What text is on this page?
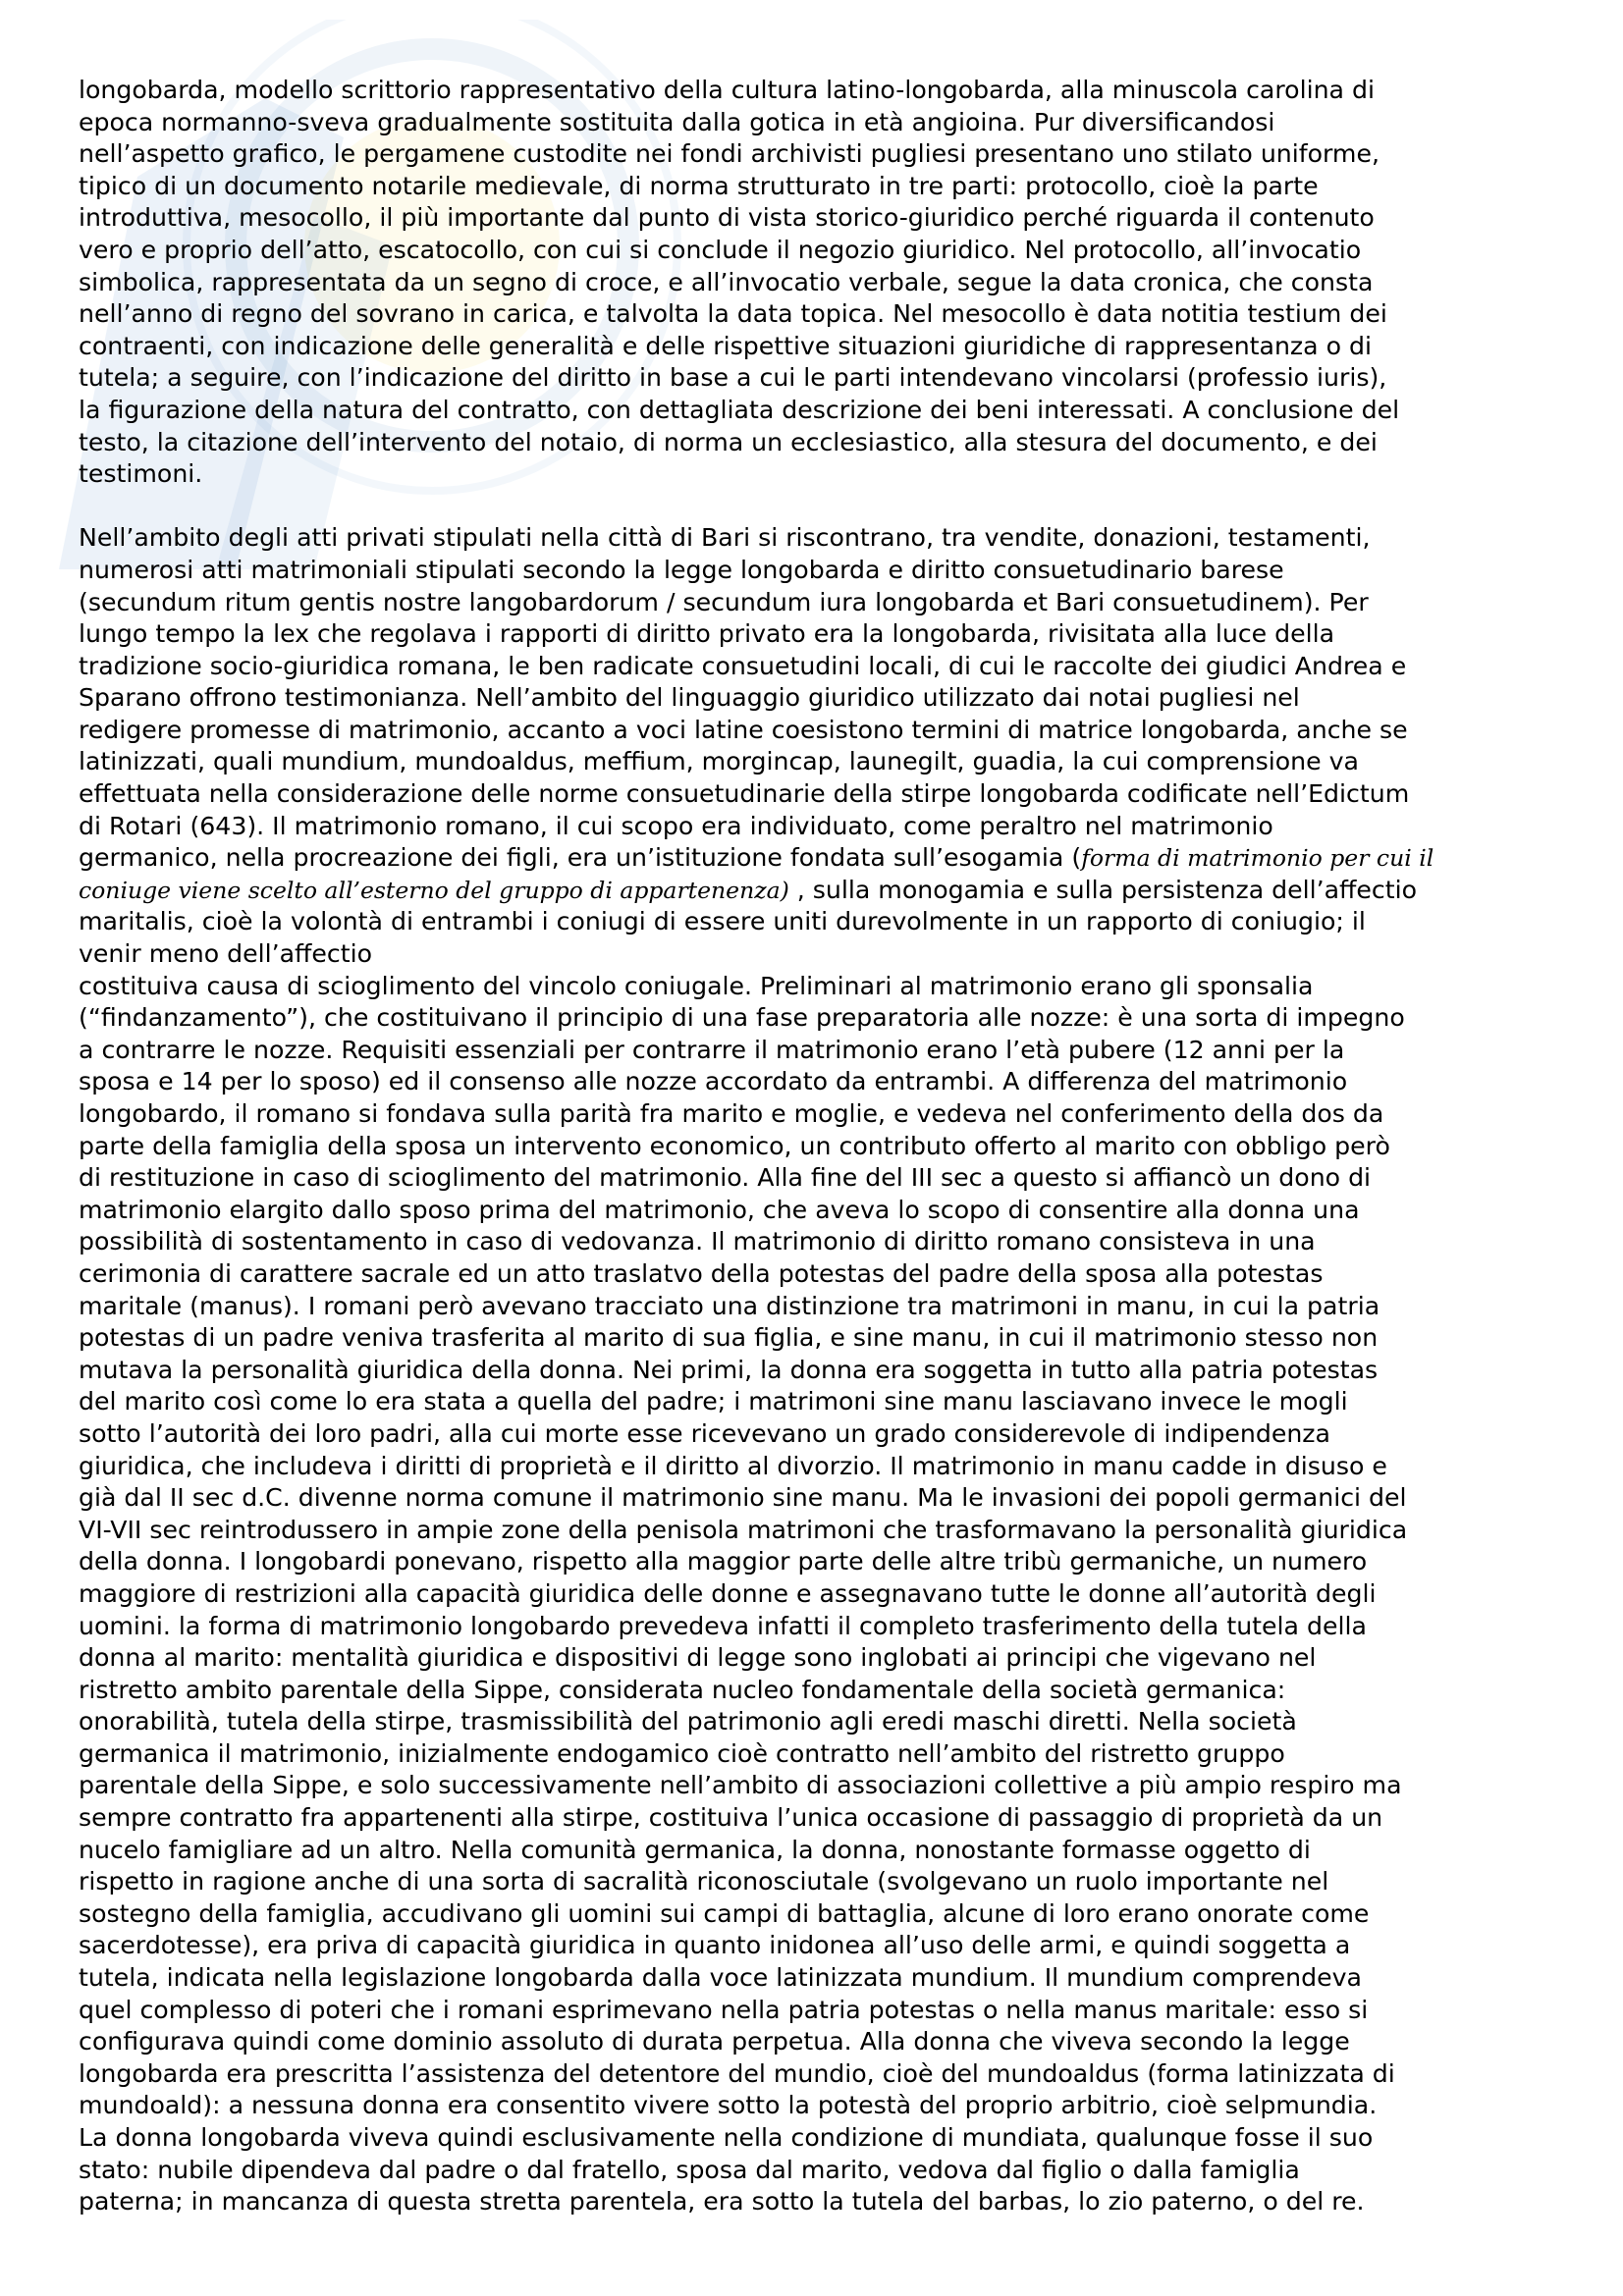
longobarda, modello scrittorio rappresentativo della cultura latino-longobarda, alla minuscola carolina di
epoca normanno-sveva gradualmente sostituita dalla gotica in età angioina. Pur diversificandosi
nell’aspetto grafico, le pergamene custodite nei fondi archivisti pugliesi presentano uno stilato uniforme,
tipico di un documento notarile medievale, di norma strutturato in tre parti: protocollo, cioè la parte
introduttiva, mesocollo, il più importante dal punto di vista storico-giuridico perché riguarda il contenuto
vero e proprio dell’atto, escatocollo, con cui si conclude il negozio giuridico. Nel protocollo, all’invocatio
simbolica, rappresentata da un segno di croce, e all’invocatio verbale, segue la data cronica, che consta
nell’anno di regno del sovrano in carica, e talvolta la data topica. Nel mesocollo è data notitia testium dei
contraenti, con indicazione delle generalità e delle rispettive situazioni giuridiche di rappresentanza o di
tutela; a seguire, con l’indicazione del diritto in base a cui le parti intendevano vincolarsi (professio iuris),
la figurazione della natura del contratto, con dettagliata descrizione dei beni interessati. A conclusione del
testo, la citazione dell’intervento del notaio, di norma un ecclesiastico, alla stesura del documento, e dei
testimoni.

Nell’ambito degli atti privati stipulati nella città di Bari si riscontrano, tra vendite, donazioni, testamenti,
numerosi atti matrimoniali stipulati secondo la legge longobarda e diritto consuetudinario barese
(secundum ritum gentis nostre langobardorum / secundum iura longobarda et Bari consuetudinem). Per
lungo tempo la lex che regolava i rapporti di diritto privato era la longobarda, rivisitata alla luce della
tradizione socio-giuridica romana, le ben radicate consuetudini locali, di cui le raccolte dei giudici Andrea e
Sparano offrono testimonianza. Nell’ambito del linguaggio giuridico utilizzato dai notai pugliesi nel
redigere promesse di matrimonio, accanto a voci latine coesistono termini di matrice longobarda, anche se
latinizzati, quali mundium, mundoaldus, meffium, morgincap, launegilt, guadia, la cui comprensione va
effettuata nella considerazione delle norme consuetudinarie della stirpe longobarda codificate nell’Edictum
di Rotari (643). Il matrimonio romano, il cui scopo era individuato, come peraltro nel matrimonio
germanico, nella procreazione dei figli, era un’istituzione fondata sull’esogamia (forma di matrimonio per cui il
coniuge viene scelto all’esterno del gruppo di appartenenza) , sulla monogamia e sulla persistenza dell’affectio
maritalis, cioè la volontà di entrambi i coniugi di essere uniti durevolmente in un rapporto di coniugio; il
venir meno dell’affectio
costituiva causa di scioglimento del vincolo coniugale. Preliminari al matrimonio erano gli sponsalia
(“findanzamento”), che costituivano il principio di una fase preparatoria alle nozze: è una sorta di impegno
a contrarre le nozze. Requisiti essenziali per contrarre il matrimonio erano l’età pubere (12 anni per la
sposa e 14 per lo sposo) ed il consenso alle nozze accordato da entrambi. A differenza del matrimonio
longobardo, il romano si fondava sulla parità fra marito e moglie, e vedeva nel conferimento della dos da
parte della famiglia della sposa un intervento economico, un contributo offerto al marito con obbligo però
di restituzione in caso di scioglimento del matrimonio. Alla fine del III sec a questo si affiancò un dono di
matrimonio elargito dallo sposo prima del matrimonio, che aveva lo scopo di consentire alla donna una
possibilità di sostentamento in caso di vedovanza. Il matrimonio di diritto romano consisteva in una
cerimonia di carattere sacrale ed un atto traslatvo della potestas del padre della sposa alla potestas
maritale (manus). I romani però avevano tracciato una distinzione tra matrimoni in manu, in cui la patria
potestas di un padre veniva trasferita al marito di sua figlia, e sine manu, in cui il matrimonio stesso non
mutava la personalità giuridica della donna. Nei primi, la donna era soggetta in tutto alla patria potestas
del marito così come lo era stata a quella del padre; i matrimoni sine manu lasciavano invece le mogli
sotto l’autorità dei loro padri, alla cui morte esse ricevevano un grado considerevole di indipendenza
giuridica, che includeva i diritti di proprietà e il diritto al divorzio. Il matrimonio in manu cadde in disuso e
già dal II sec d.C. divenne norma comune il matrimonio sine manu. Ma le invasioni dei popoli germanici del
VI-VII sec reintrodussero in ampie zone della penisola matrimoni che trasformavano la personalità giuridica
della donna. I longobardi ponevano, rispetto alla maggior parte delle altre tribù germaniche, un numero
maggiore di restrizioni alla capacità giuridica delle donne e assegnavano tutte le donne all’autorità degli
uomini. la forma di matrimonio longobardo prevedeva infatti il completo trasferimento della tutela della
donna al marito: mentalità giuridica e dispositivi di legge sono inglobati ai principi che vigevano nel
ristretto ambito parentale della Sippe, considerata nucleo fondamentale della società germanica:
onorabilità, tutela della stirpe, trasmissibilità del patrimonio agli eredi maschi diretti. Nella società
germanica il matrimonio, inizialmente endogamico cioè contratto nell’ambito del ristretto gruppo
parentale della Sippe, e solo successivamente nell’ambito di associazioni collettive a più ampio respiro ma
sempre contratto fra appartenenti alla stirpe, costituiva l’unica occasione di passaggio di proprietà da un
nucelo famigliare ad un altro. Nella comunità germanica, la donna, nonostante formasse oggetto di
rispetto in ragione anche di una sorta di sacralità riconosciutale (svolgevano un ruolo importante nel
sostegno della famiglia, accudivano gli uomini sui campi di battaglia, alcune di loro erano onorate come
sacerdotesse), era priva di capacità giuridica in quanto inidonea all’uso delle armi, e quindi soggetta a
tutela, indicata nella legislazione longobarda dalla voce latinizzata mundium. Il mundium comprendeva
quel complesso di poteri che i romani esprimevano nella patria potestas o nella manus maritale: esso si
configurava quindi come dominio assoluto di durata perpetua. Alla donna che viveva secondo la legge
longobarda era prescritta l’assistenza del detentore del mundio, cioè del mundoaldus (forma latinizzata di
mundoald): a nessuna donna era consentito vivere sotto la potestà del proprio arbitrio, cioè selpmundia.
La donna longobarda viveva quindi esclusivamente nella condizione di mundiata, qualunque fosse il suo
stato: nubile dipendeva dal padre o dal fratello, sposa dal marito, vedova dal figlio o dalla famiglia
paterna; in mancanza di questa stretta parentela, era sotto la tutela del barbas, lo zio paterno, o del re.
